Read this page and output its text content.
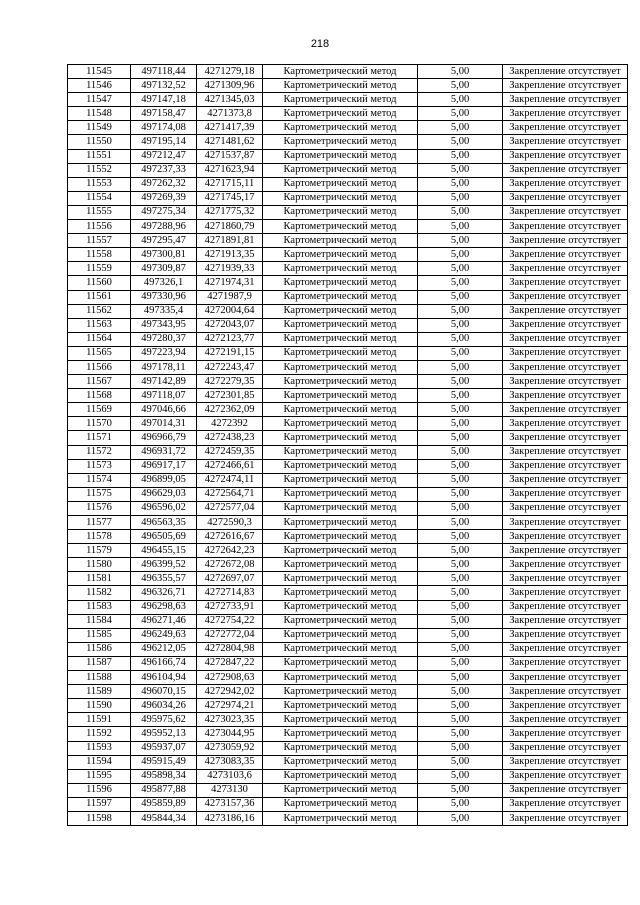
218
11545	497118,44	4271279,18	Картометрический метод	5,00	Закрепление отсутствует
11546	497132,52	4271309,96	Картометрический метод	5,00	Закрепление отсутствует
11547	497147,18	4271345,03	Картометрический метод	5,00	Закрепление отсутствует
11548	497158,47	4271373,8	Картометрический метод	5,00	Закрепление отсутствует
11549	497174,08	4271417,39	Картометрический метод	5,00	Закрепление отсутствует
11550	497195,14	4271481,62	Картометрический метод	5,00	Закрепление отсутствует
11551	497212,47	4271537,87	Картометрический метод	5,00	Закрепление отсутствует
11552	497237,33	4271623,94	Картометрический метод	5,00	Закрепление отсутствует
11553	497262,32	4271715,11	Картометрический метод	5,00	Закрепление отсутствует
11554	497269,39	4271745,17	Картометрический метод	5,00	Закрепление отсутствует
11555	497275,34	4271775,32	Картометрический метод	5,00	Закрепление отсутствует
11556	497288,96	4271860,79	Картометрический метод	5,00	Закрепление отсутствует
11557	497295,47	4271891,81	Картометрический метод	5,00	Закрепление отсутствует
11558	497300,81	4271913,35	Картометрический метод	5,00	Закрепление отсутствует
11559	497309,87	4271939,33	Картометрический метод	5,00	Закрепление отсутствует
11560	497326,1	4271974,31	Картометрический метод	5,00	Закрепление отсутствует
11561	497330,96	4271987,9	Картометрический метод	5,00	Закрепление отсутствует
11562	497335,4	4272004,64	Картометрический метод	5,00	Закрепление отсутствует
11563	497343,95	4272043,07	Картометрический метод	5,00	Закрепление отсутствует
11564	497280,37	4272123,77	Картометрический метод	5,00	Закрепление отсутствует
11565	497223,94	4272191,15	Картометрический метод	5,00	Закрепление отсутствует
11566	497178,11	4272243,47	Картометрический метод	5,00	Закрепление отсутствует
11567	497142,89	4272279,35	Картометрический метод	5,00	Закрепление отсутствует
11568	497118,07	4272301,85	Картометрический метод	5,00	Закрепление отсутствует
11569	497046,66	4272362,09	Картометрический метод	5,00	Закрепление отсутствует
11570	497014,31	4272392	Картометрический метод	5,00	Закрепление отсутствует
11571	496966,79	4272438,23	Картометрический метод	5,00	Закрепление отсутствует
11572	496931,72	4272459,35	Картометрический метод	5,00	Закрепление отсутствует
11573	496917,17	4272466,61	Картометрический метод	5,00	Закрепление отсутствует
11574	496899,05	4272474,11	Картометрический метод	5,00	Закрепление отсутствует
11575	496629,03	4272564,71	Картометрический метод	5,00	Закрепление отсутствует
11576	496596,02	4272577,04	Картометрический метод	5,00	Закрепление отсутствует
11577	496563,35	4272590,3	Картометрический метод	5,00	Закрепление отсутствует
11578	496505,69	4272616,67	Картометрический метод	5,00	Закрепление отсутствует
11579	496455,15	4272642,23	Картометрический метод	5,00	Закрепление отсутствует
11580	496399,52	4272672,08	Картометрический метод	5,00	Закрепление отсутствует
11581	496355,57	4272697,07	Картометрический метод	5,00	Закрепление отсутствует
11582	496326,71	4272714,83	Картометрический метод	5,00	Закрепление отсутствует
11583	496298,63	4272733,91	Картометрический метод	5,00	Закрепление отсутствует
11584	496271,46	4272754,22	Картометрический метод	5,00	Закрепление отсутствует
11585	496249,63	4272772,04	Картометрический метод	5,00	Закрепление отсутствует
11586	496212,05	4272804,98	Картометрический метод	5,00	Закрепление отсутствует
11587	496166,74	4272847,22	Картометрический метод	5,00	Закрепление отсутствует
11588	496104,94	4272908,63	Картометрический метод	5,00	Закрепление отсутствует
11589	496070,15	4272942,02	Картометрический метод	5,00	Закрепление отсутствует
11590	496034,26	4272974,21	Картометрический метод	5,00	Закрепление отсутствует
11591	495975,62	4273023,35	Картометрический метод	5,00	Закрепление отсутствует
11592	495952,13	4273044,95	Картометрический метод	5,00	Закрепление отсутствует
11593	495937,07	4273059,92	Картометрический метод	5,00	Закрепление отсутствует
11594	495915,49	4273083,35	Картометрический метод	5,00	Закрепление отсутствует
11595	495898,34	4273103,6	Картометрический метод	5,00	Закрепление отсутствует
11596	495877,88	4273130	Картометрический метод	5,00	Закрепление отсутствует
11597	495859,89	4273157,36	Картометрический метод	5,00	Закрепление отсутствует
11598	495844,34	4273186,16	Картометрический метод	5,00	Закрепление отсутствует
